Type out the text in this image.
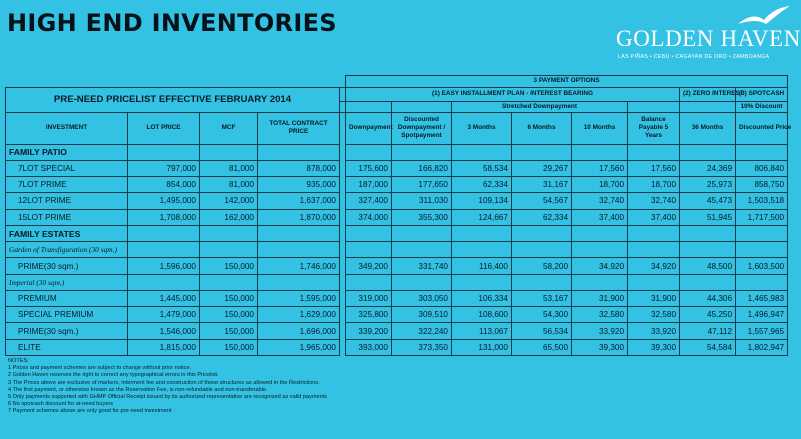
HIGH END INVENTORIES
GOLDEN HAVEN
LAS PIÑAS • CEBU • CAGAYAN DE ORO • ZAMBOANGA
					3 PAYMENT OPTIONS							
PRE-NEED PRICELIST EFFECTIVE FEBRUARY 2014					(1) EASY INSTALLMENT PLAN - INTEREST BEARING						(2) ZERO INTEREST	(3) SPOTCASH
							Stretched Downpayment					10% Discount
INVESTMENT	LOT PRICE	MCF	TOTAL CONTRACT PRICE		Downpayment	Discounted Downpayment / Spotpayment	3 Months	6 Months	10 Months	Balance Payable 5 Years	36 Months	Discounted Price
FAMILY PATIO												
7LOT SPECIAL	797,000	81,000	878,000		175,600	166,820	58,534	29,267	17,560	17,560	24,369	806,840
7LOT PRIME	854,000	81,000	935,000		187,000	177,650	62,334	31,167	18,700	18,700	25,973	858,750
12LOT PRIME	1,495,000	142,000	1,637,000		327,400	311,030	109,134	54,567	32,740	32,740	45,473	1,503,518
15LOT PRIME	1,708,000	162,000	1,870,000		374,000	355,300	124,667	62,334	37,400	37,400	51,945	1,717,500
FAMILY ESTATES												
Garden of Transfiguration (30 sqm.)												
PRIME(30 sqm.)	1,596,000	150,000	1,746,000		349,200	331,740	116,400	58,200	34,920	34,920	48,500	1,603,500
Imperial (30 sqm.)												
PREMIUM	1,445,000	150,000	1,595,000		319,000	303,050	106,334	53,167	31,900	31,900	44,306	1,465,983
SPECIAL PREMIUM	1,479,000	150,000	1,629,000		325,800	309,510	108,600	54,300	32,580	32,580	45,250	1,496,947
PRIME(30 sqm.)	1,546,000	150,000	1,696,000		339,200	322,240	113,067	56,534	33,920	33,920	47,112	1,557,965
ELITE	1,815,000	150,000	1,965,000		393,000	373,350	131,000	65,500	39,300	39,300	54,584	1,802,947
NOTES:
1 Prices and payment schemes are subject to change without prior notice.
2 Golden Haven reserves the right to correct any typographical errors in this Pricelist.
3 The Prices above are exclusive of markers, interment fee and construction of those structures as allowed in the Restrictions.
4 The first payment, or otherwise known as the Reservation Fee, is non-refundable and non-transferable.
5 Only payments supported with GHMP Official Receipt issued by its authorized representative are recognized as valid payments
6 No spotcash discount for at-need buyers
7 Payment schemes above are only good for pre-need investment
